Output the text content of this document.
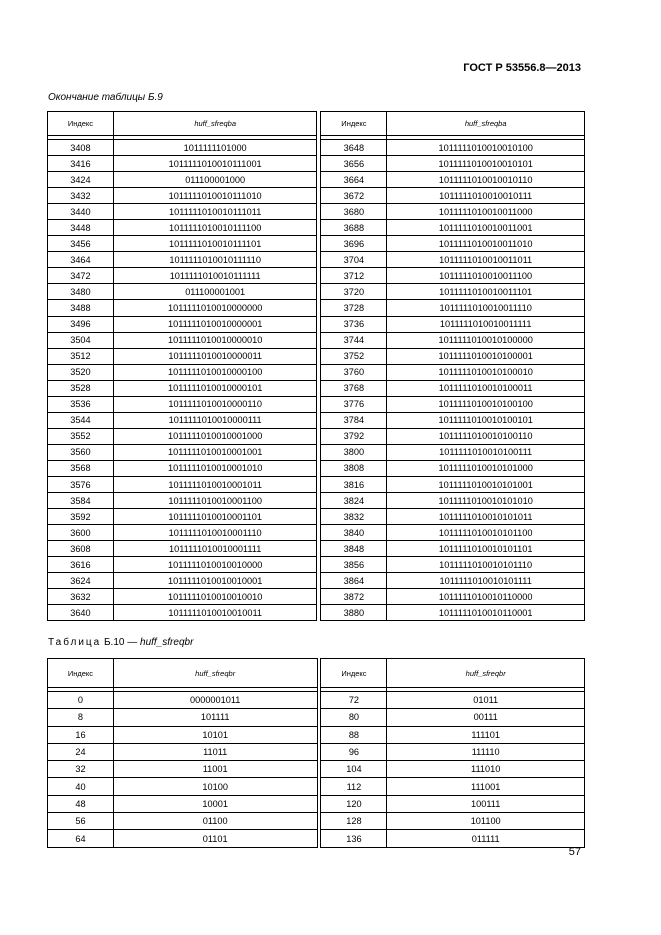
ГОСТ Р 53556.8—2013
Окончание таблицы Б.9
Индекс	huff_sfreqba		Индекс	huff_sfreqba

3408	1011111101000		3648	1011111010010010100
3416	1011111010010111001		3656	1011111010010010101
3424	011100001000		3664	1011111010010010110
3432	1011111010010111010		3672	1011111010010010111
3440	1011111010010111011		3680	1011111010010011000
3448	1011111010010111100		3688	1011111010010011001
3456	1011111010010111101		3696	1011111010010011010
3464	1011111010010111110		3704	1011111010010011011
3472	1011111010010111111		3712	1011111010010011100
3480	011100001001		3720	1011111010010011101
3488	1011111010010000000		3728	1011111010010011110
3496	1011111010010000001		3736	1011111010010011111
3504	1011111010010000010		3744	1011111010010100000
3512	1011111010010000011		3752	1011111010010100001
3520	1011111010010000100		3760	1011111010010100010
3528	1011111010010000101		3768	1011111010010100011
3536	1011111010010000110		3776	1011111010010100100
3544	1011111010010000111		3784	1011111010010100101
3552	1011111010010001000		3792	1011111010010100110
3560	1011111010010001001		3800	1011111010010100111
3568	1011111010010001010		3808	1011111010010101000
3576	1011111010010001011		3816	1011111010010101001
3584	1011111010010001100		3824	1011111010010101010
3592	1011111010010001101		3832	1011111010010101011
3600	1011111010010001110		3840	1011111010010101100
3608	1011111010010001111		3848	1011111010010101101
3616	1011111010010010000		3856	1011111010010101110
3624	1011111010010010001		3864	1011111010010101111
3632	1011111010010010010		3872	1011111010010110000
3640	1011111010010010011		3880	1011111010010110001
Таблица Б.10 — huff_sfreqbr
Индекс	huff_sfreqbr		Индекс	huff_sfreqbr

0	0000001011		72	01011
8	101111		80	00111
16	10101		88	111101
24	11011		96	111110
32	11001		104	111010
40	10100		112	111001
48	10001		120	100111
56	01100		128	101100
64	01101		136	011111
57
